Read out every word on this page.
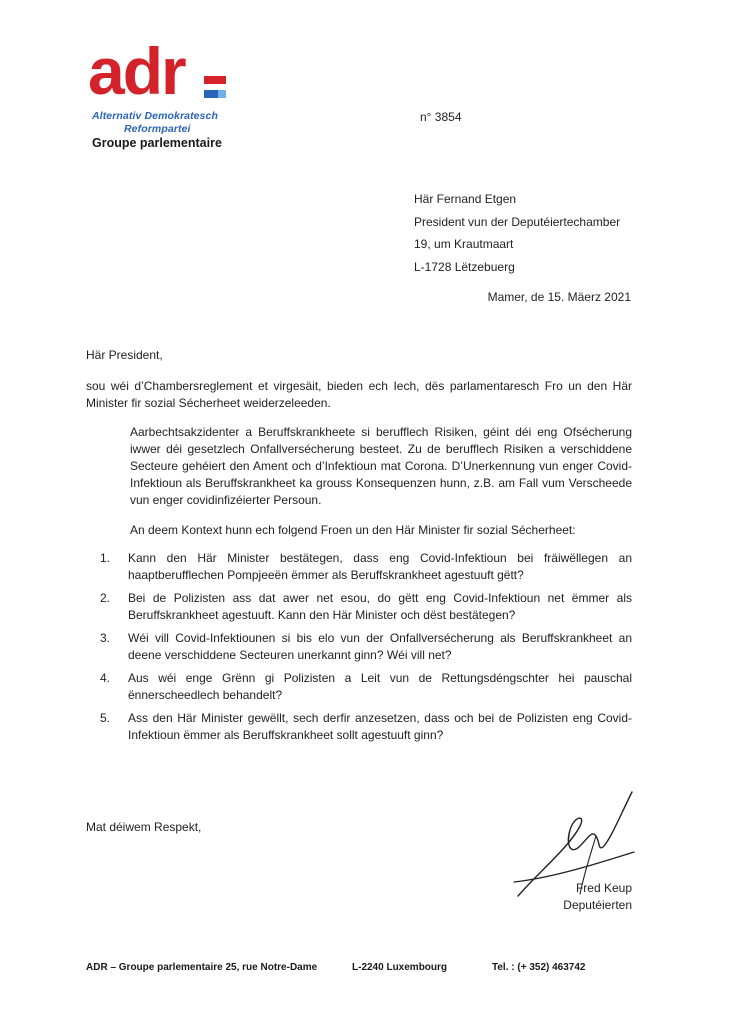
adr
Alternativ Demokratesch
Reformpartei
Groupe parlementaire
n° 3854
Här Fernand Etgen
President vun der Deputéiertechamber
19, um Krautmaart
L-1728 Lëtzebuerg
Mamer, de 15. Mäerz 2021
Här President,
sou wéi d’Chambersreglement et virgesäit, bieden ech Iech, dës parlamentaresch Fro un den Här Minister fir sozial Sécherheet weiderzeleeden.
Aarbechtsakzidenter a Beruffskrankheete si berufflech Risiken, géint déi eng Ofsécherung iwwer déi gesetzlech Onfallversécherung besteet. Zu de berufflech Risiken a verschiddene Secteure gehéiert den Ament och d’Infektioun mat Corona. D’Unerkennung vun enger Covid-Infektioun als Beruffskrankheet ka grouss Konsequenzen hunn, z.B. am Fall vum Verscheede vun enger covidinfizéierter Persoun.
An deem Kontext hunn ech folgend Froen un den Här Minister fir sozial Sécherheet:
1.	Kann den Här Minister bestätegen, dass eng Covid-Infektioun bei fräiwëllegen an haaptberufflechen Pompjeeën ëmmer als Beruffskrankheet agestuuft gëtt?
2.	Bei de Polizisten ass dat awer net esou, do gëtt eng Covid-Infektioun net ëmmer als Beruffskrankheet agestuuft. Kann den Här Minister och dëst bestätegen?
3.	Wéi vill Covid-Infektiounen si bis elo vun der Onfallversécherung als Beruffskrankheet an deene verschiddene Secteuren unerkannt ginn? Wéi vill net?
4.	Aus wéi enge Grënn gi Polizisten a Leit vun de Rettungsdéngschter hei pauschal ënnerscheedlech behandelt?
5.	Ass den Här Minister gewëllt, sech derfir anzesetzen, dass och bei de Polizisten eng Covid-Infektioun ëmmer als Beruffskrankheet sollt agestuuft ginn?
Mat déiwem Respekt,
Fred Keup
Deputéierten
ADR – Groupe parlementaire 25, rue Notre-Dame	L-2240 Luxembourg	Tel. : (+ 352) 463742
